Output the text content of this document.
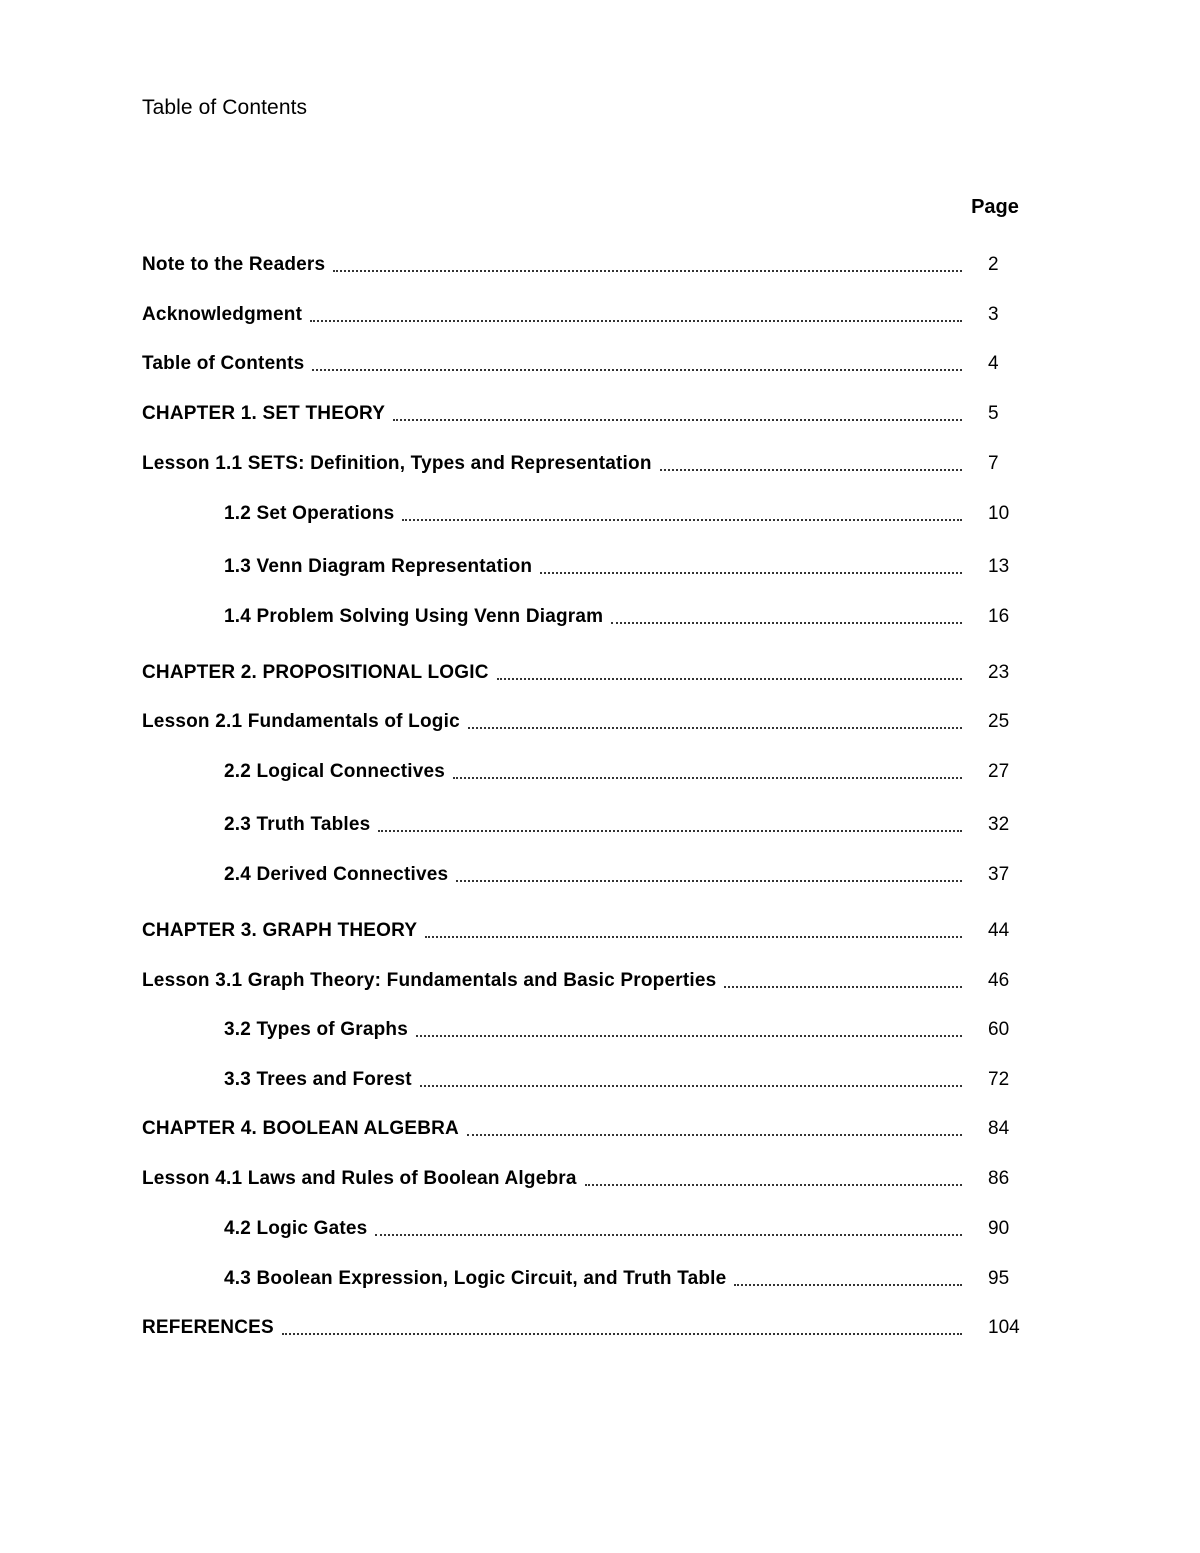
Table of Contents
Page
Note to the Readers	2
Acknowledgment	3
Table of Contents	4
CHAPTER 1. SET THEORY	5
Lesson 1.1 SETS: Definition, Types and Representation	7
1.2 Set Operations	10
1.3 Venn Diagram Representation	13
1.4 Problem Solving Using Venn Diagram	16
CHAPTER 2. PROPOSITIONAL LOGIC	23
Lesson 2.1 Fundamentals of Logic	25
2.2 Logical Connectives	27
2.3 Truth Tables	32
2.4 Derived Connectives	37
CHAPTER 3. GRAPH THEORY	44
Lesson 3.1 Graph Theory: Fundamentals and Basic Properties	46
3.2 Types of Graphs	60
3.3 Trees and Forest	72
CHAPTER 4. BOOLEAN ALGEBRA	84
Lesson 4.1 Laws and Rules of Boolean Algebra	86
4.2 Logic Gates	90
4.3 Boolean Expression, Logic Circuit, and Truth Table	95
REFERENCES	104
